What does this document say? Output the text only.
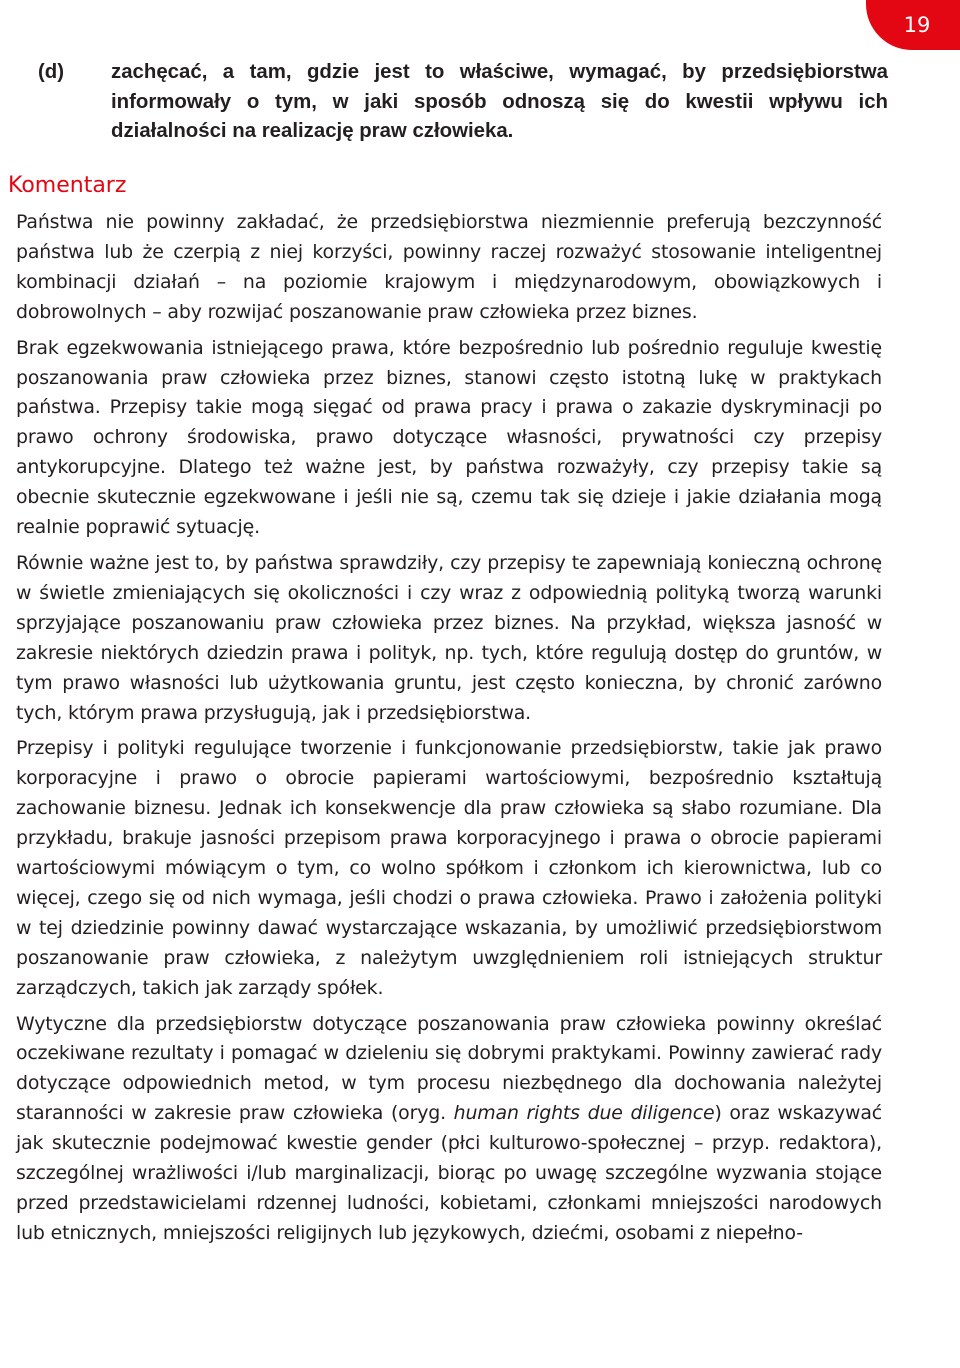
19
(d) zachęcać, a tam, gdzie jest to właściwe, wymagać, by przedsiębiorstwa informowały o tym, w jaki sposób odnoszą się do kwestii wpływu ich działalności na realizację praw człowieka.
Komentarz

Państwa nie powinny zakładać, że przedsiębiorstwa niezmiennie preferują bezczynność państwa lub że czerpią z niej korzyści, powinny raczej rozważyć stosowanie inteligentnej kombinacji działań – na poziomie krajowym i międzynarodowym, obowiązkowych i dobrowolnych – aby rozwijać poszanowanie praw człowieka przez biznes.

Brak egzekwowania istniejącego prawa, które bezpośrednio lub pośrednio reguluje kwestię poszanowania praw człowieka przez biznes, stanowi często istotną lukę w praktykach państwa. Przepisy takie mogą sięgać od prawa pracy i prawa o zakazie dyskryminacji po prawo ochrony środowiska, prawo dotyczące własności, prywatności czy przepisy antykorupcyjne. Dlatego też ważne jest, by państwa rozważyły, czy przepisy takie są obecnie skutecznie egzekwowane i jeśli nie są, czemu tak się dzieje i jakie działania mogą realnie poprawić sytuację.

Równie ważne jest to, by państwa sprawdziły, czy przepisy te zapewniają konieczną ochronę w świetle zmieniających się okoliczności i czy wraz z odpowiednią polityką tworzą warunki sprzyjające poszanowaniu praw człowieka przez biznes. Na przykład, większa jasność w zakresie niektórych dziedzin prawa i polityk, np. tych, które regulują dostęp do gruntów, w tym prawo własności lub użytkowania gruntu, jest często konieczna, by chronić zarówno tych, którym prawa przysługują, jak i przedsiębiorstwa.

Przepisy i polityki regulujące tworzenie i funkcjonowanie przedsiębiorstw, takie jak prawo korporacyjne i prawo o obrocie papierami wartościowymi, bezpośrednio kształtują zachowanie biznesu. Jednak ich konsekwencje dla praw człowieka są słabo rozumiane. Dla przykładu, brakuje jasności przepisom prawa korporacyjnego i prawa o obrocie papierami wartościowymi mówiącym o tym, co wolno spółkom i członkom ich kierownictwa, lub co więcej, czego się od nich wymaga, jeśli chodzi o prawa człowieka. Prawo i założenia polityki w tej dziedzinie powinny dawać wystarczające wskazania, by umożliwić przedsiębiorstwom poszanowanie praw człowieka, z należytym uwzględnieniem roli istniejących struktur zarządczych, takich jak zarządy spółek.

Wytyczne dla przedsiębiorstw dotyczące poszanowania praw człowieka powinny określać oczekiwane rezultaty i pomagać w dzieleniu się dobrymi praktykami. Powinny zawierać rady dotyczące odpowiednich metod, w tym procesu niezbędnego dla dochowania należytej staranności w zakresie praw człowieka (oryg. human rights due diligence) oraz wskazywać jak skutecznie podejmować kwestie gender (płci kulturowo-społecznej – przyp. redaktora), szczególnej wrażliwości i/lub marginalizacji, biorąc po uwagę szczególne wyzwania stojące przed przedstawicielami rdzennej ludności, kobietami, członkami mniejszości narodowych lub etnicznych, mniejszości religijnych lub językowych, dziećmi, osobami z niepełno-
